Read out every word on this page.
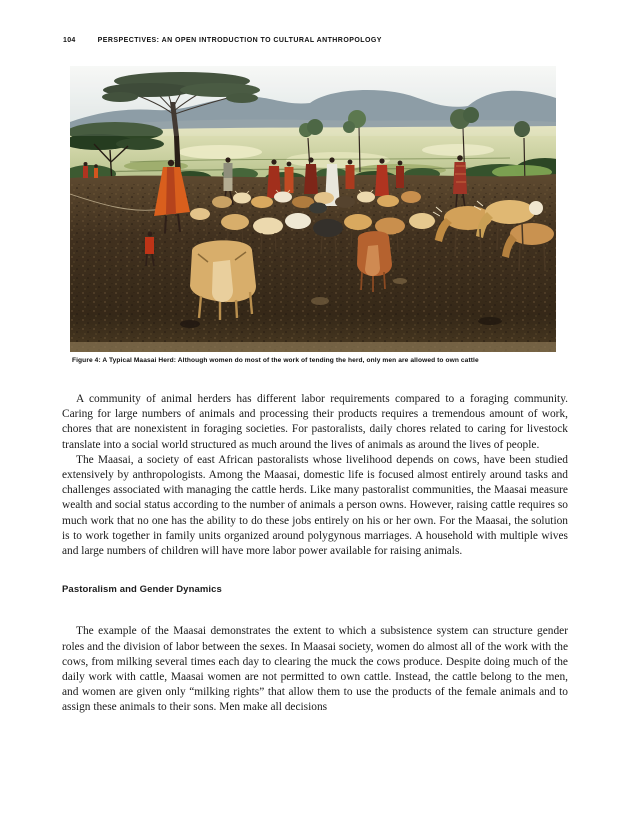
104	PERSPECTIVES: AN OPEN INTRODUCTION TO CULTURAL ANTHROPOLOGY
Figure 4: A Typical Maasai Herd: Although women do most of the work of tending the herd, only men are allowed to own cattle

A community of animal herders has different labor requirements compared to a foraging community. Caring for large numbers of animals and processing their products requires a tremendous amount of work, chores that are nonexistent in foraging societies. For pastoralists, daily chores related to caring for livestock translate into a social world structured as much around the lives of animals as around the lives of people.

The Maasai, a society of east African pastoralists whose livelihood depends on cows, have been studied extensively by anthropologists. Among the Maasai, domestic life is focused almost entirely around tasks and challenges associated with managing the cattle herds. Like many pastoralist communities, the Maasai measure wealth and social status according to the number of animals a person owns. However, raising cattle requires so much work that no one has the ability to do these jobs entirely on his or her own. For the Maasai, the solution is to work together in family units organized around polygynous marriages. A household with multiple wives and large numbers of children will have more labor power available for raising animals.

Pastoralism and Gender Dynamics

The example of the Maasai demonstrates the extent to which a subsistence system can structure gender roles and the division of labor between the sexes. In Maasai society, women do almost all of the work with the cows, from milking several times each day to clearing the muck the cows produce. Despite doing much of the daily work with cattle, Maasai women are not permitted to own cattle. Instead, the cattle belong to the men, and women are given only “milking rights” that allow them to use the products of the female animals and to assign these animals to their sons. Men make all decisions
